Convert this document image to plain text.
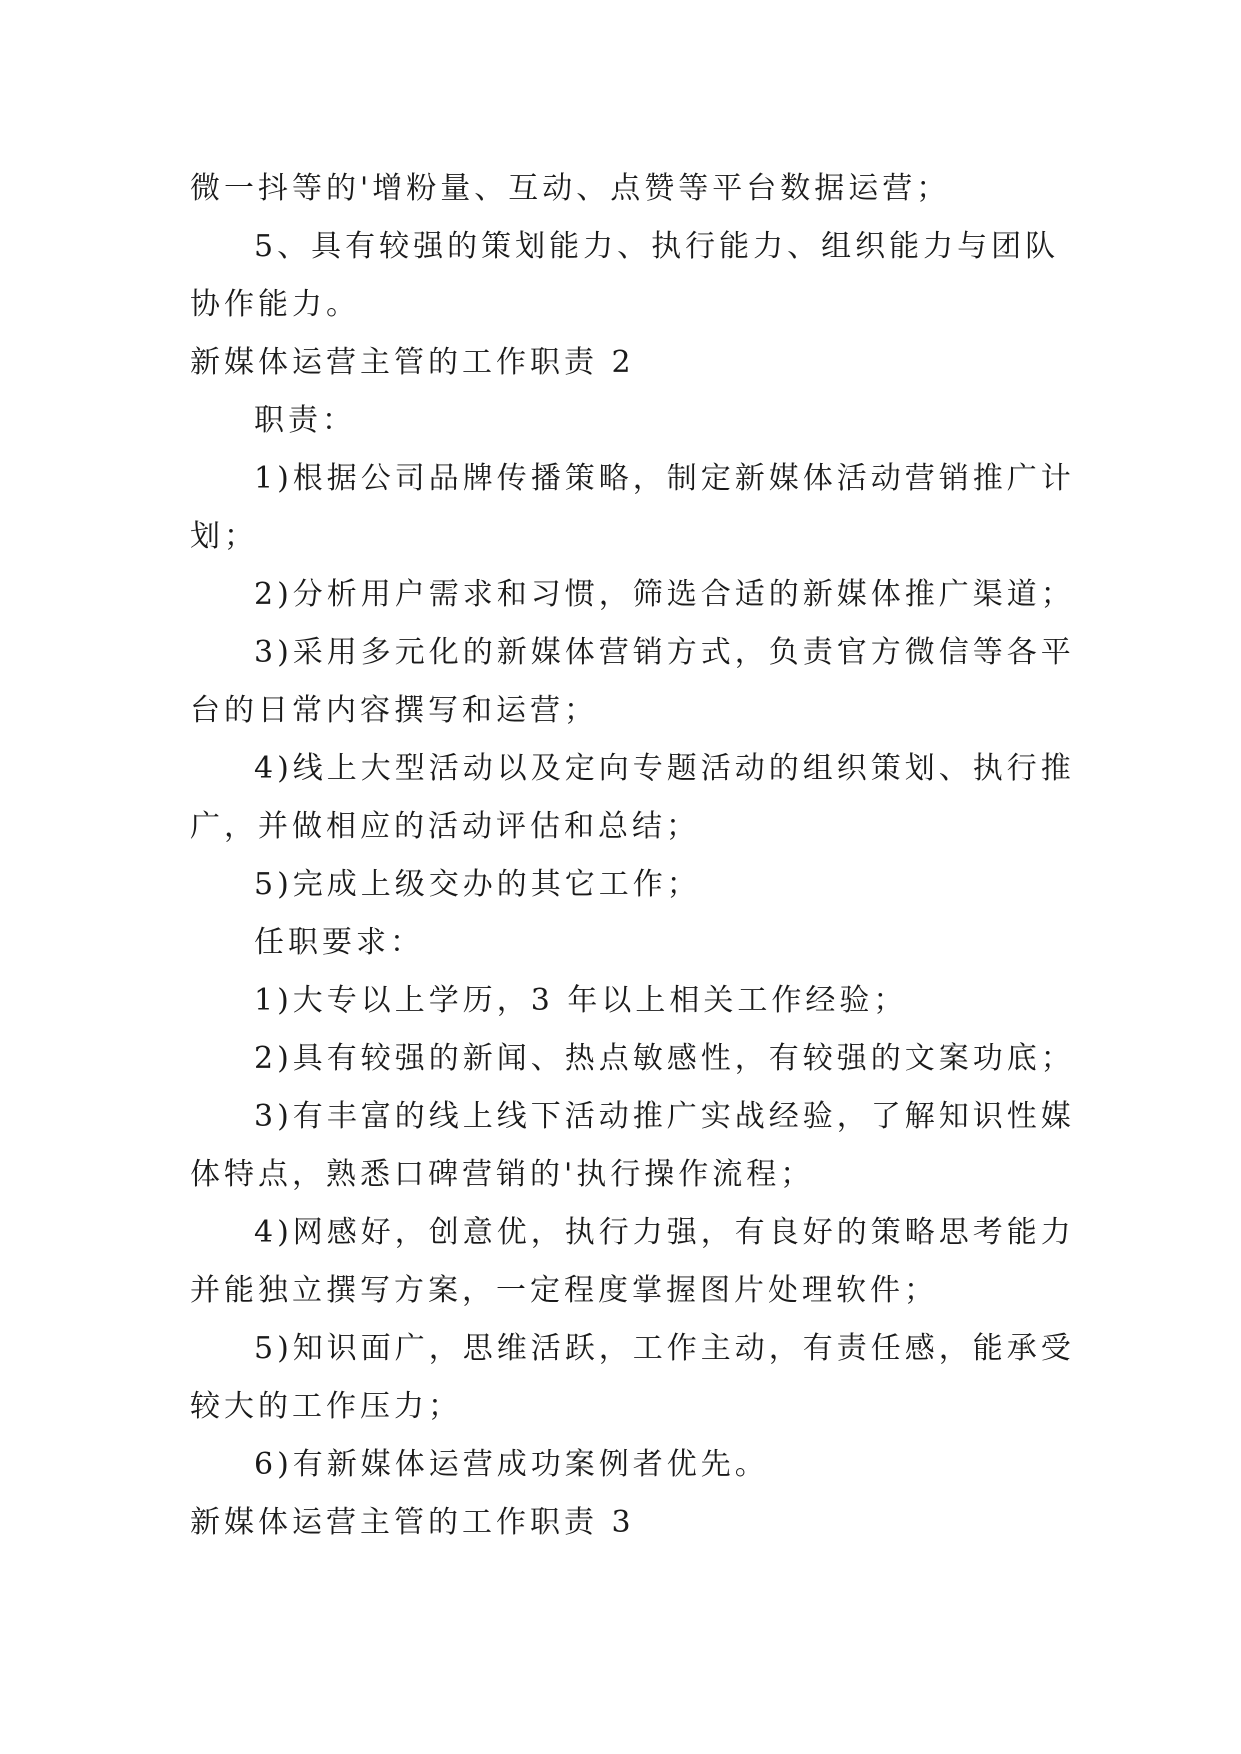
微一抖等的'增粉量、互动、点赞等平台数据运营；
5、具有较强的策划能力、执行能力、组织能力与团队
协作能力。
新媒体运营主管的工作职责 2
职责：
1)根据公司品牌传播策略，制定新媒体活动营销推广计
划；
2)分析用户需求和习惯，筛选合适的新媒体推广渠道；
3)采用多元化的新媒体营销方式，负责官方微信等各平
台的日常内容撰写和运营；
4)线上大型活动以及定向专题活动的组织策划、执行推
广，并做相应的活动评估和总结；
5)完成上级交办的其它工作；
任职要求：
1)大专以上学历，3 年以上相关工作经验；
2)具有较强的新闻、热点敏感性，有较强的文案功底；
3)有丰富的线上线下活动推广实战经验，了解知识性媒
体特点，熟悉口碑营销的'执行操作流程；
4)网感好，创意优，执行力强，有良好的策略思考能力
并能独立撰写方案，一定程度掌握图片处理软件；
5)知识面广，思维活跃，工作主动，有责任感，能承受
较大的工作压力；
6)有新媒体运营成功案例者优先。
新媒体运营主管的工作职责 3
